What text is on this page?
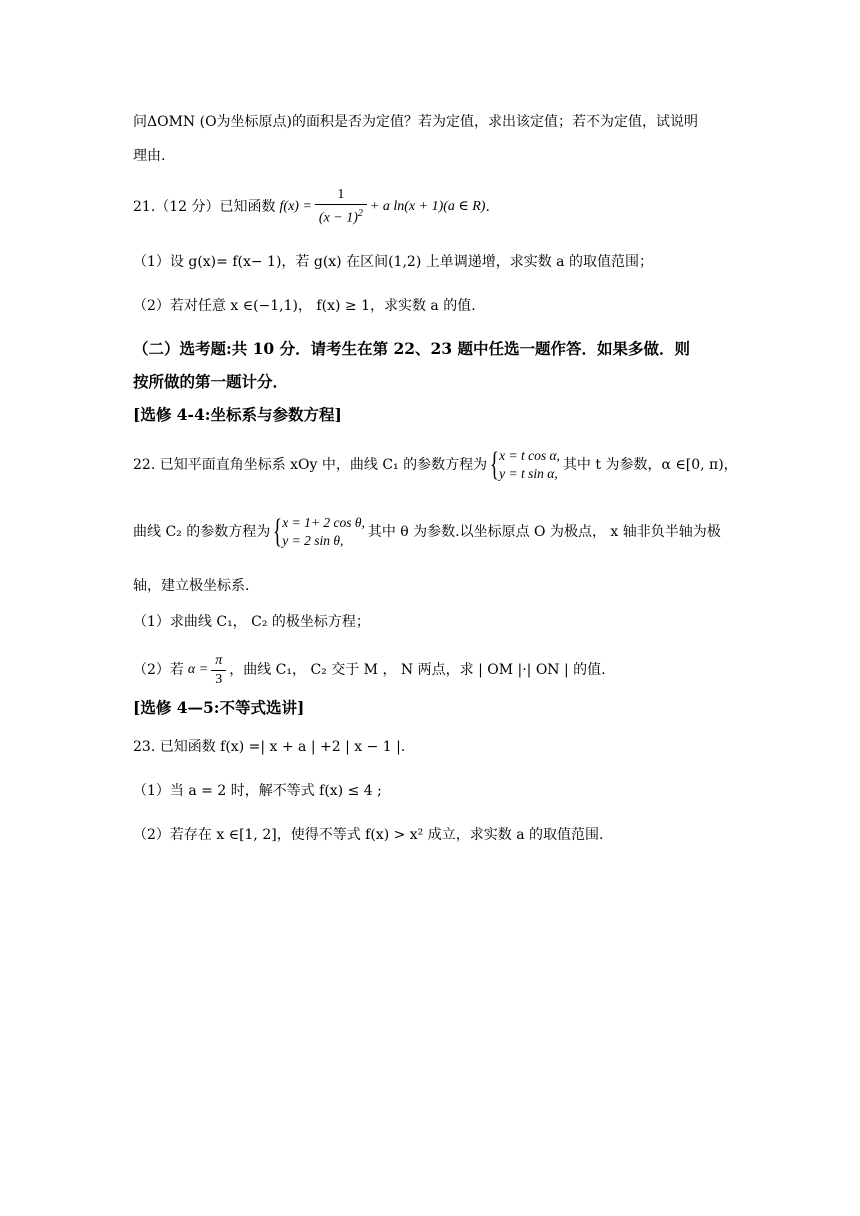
问ΔOMN (O为坐标原点)的面积是否为定值？若为定值，求出该定值；若不为定值，试说明
理由.
21.（12 分）已知函数 $f(x) = \frac{1}{(x - 1)^2} + a$ ln(x + 1)(a ∈ R) .
（1）设 g(x)= f(x− 1)，若 g(x) 在区间(1,2) 上单调递增，求实数 a 的取值范围；
（2）若对任意 x ∈(−1,1)， f(x) ≥ 1，求实数 a 的值.
（二）选考题:共 10 分．请考生在第 22、23 题中任选一题作答．如果多做．则
按所做的第一题计分．
[选修 4-4:坐标系与参数方程]
22. 已知平面直角坐标系 xOy 中，曲线 C₁ 的参数方程为 { x = t cos α,
y = t sin α,
其中 t 为参数，α ∈[0, π)，
曲线 C₂ 的参数方程为 { x = 1+ 2 cos θ,
y = 2 sin θ,
其中 θ 为参数.以坐标原点 O 为极点， x 轴非负半轴为极
轴，建立极坐标系.
（1）求曲线 C₁， C₂ 的极坐标方程；
（2）若 $\alpha = \frac{\pi}{3}$ ，曲线 C₁， C₂ 交于 M ， N 两点，求 | OM |·| ON | 的值.
[选修 4—5:不等式选讲]
23. 已知函数 f(x) =| x + a | +2 | x − 1 |.
（1）当 a = 2 时，解不等式 f(x) ≤ 4 ;
（2）若存在 x ∈[1, 2]，使得不等式 f(x) > x² 成立，求实数 a 的取值范围.
